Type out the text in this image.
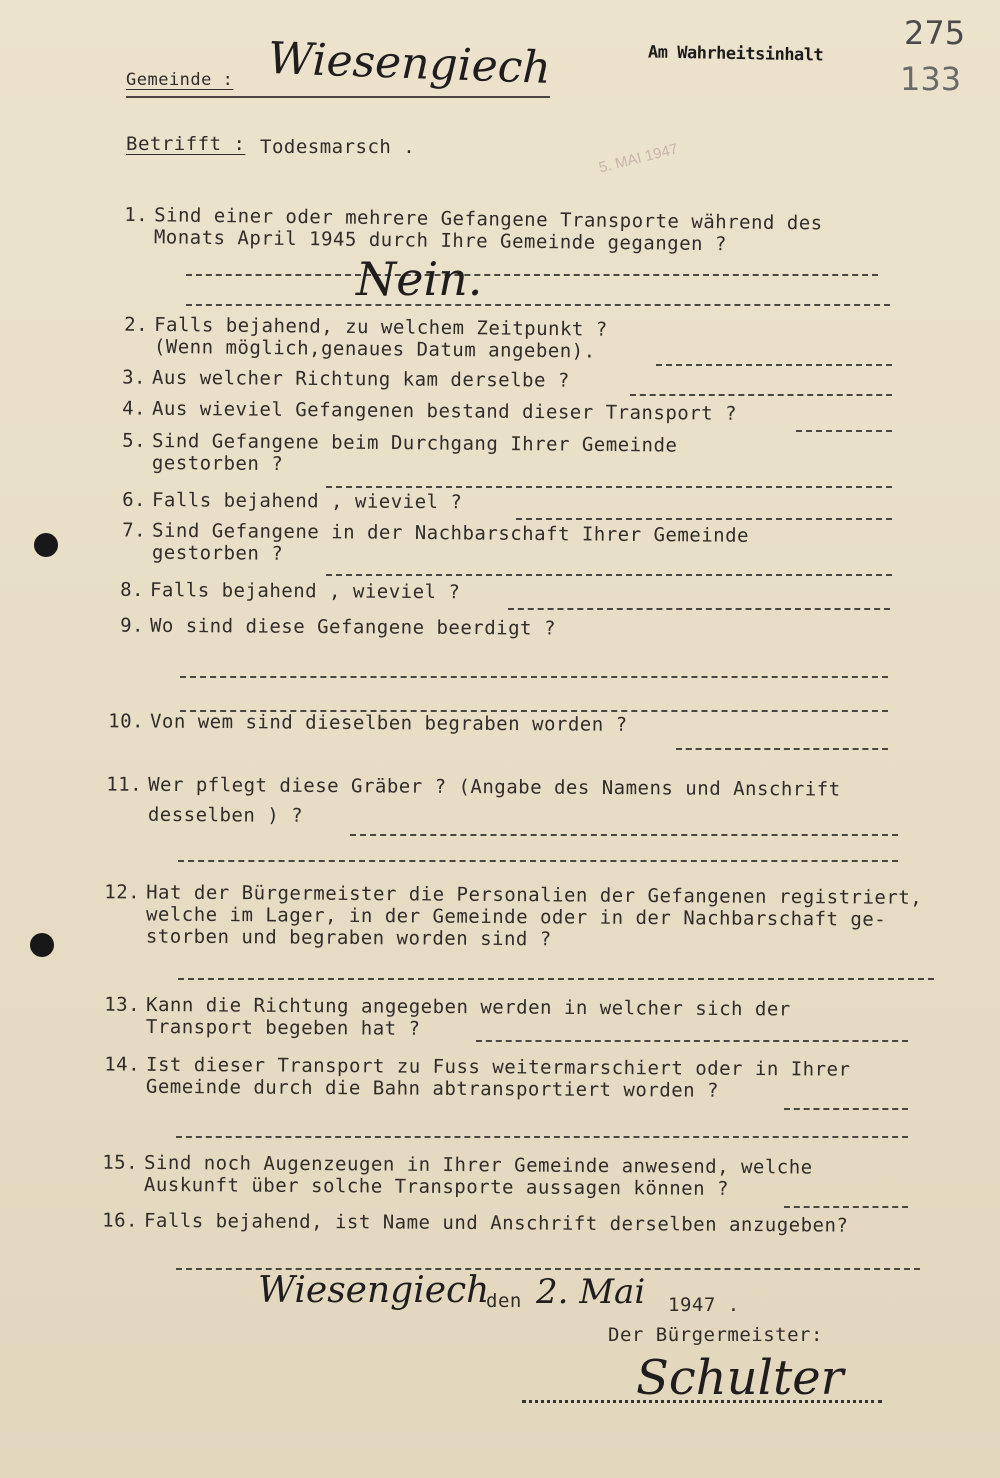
Gemeinde : Wiesengiech	Am Wahrheitsinhalt
275
133
Betrifft : Todesmarsch .	5. MAI 1947
1. Sind einer oder mehrere Gefangene Transporte während des
Monats April 1945 durch Ihre Gemeinde gegangen ?
Nein.
2. Falls bejahend, zu welchem Zeitpunkt ?
(Wenn möglich,genaues Datum angeben).
3. Aus welcher Richtung kam derselbe ?
4. Aus wieviel Gefangenen bestand dieser Transport ?
5. Sind Gefangene beim Durchgang Ihrer Gemeinde
gestorben ?
6. Falls bejahend , wieviel ?
7. Sind Gefangene in der Nachbarschaft Ihrer Gemeinde
gestorben ?
8. Falls bejahend , wieviel ?
9. Wo sind diese Gefangene beerdigt ?
10. Von wem sind dieselben begraben worden ?
11. Wer pflegt diese Gräber ? (Angabe des Namens und Anschrift
desselben ) ?
12. Hat der Bürgermeister die Personalien der Gefangenen registriert,
welche im Lager, in der Gemeinde oder in der Nachbarschaft ge-
storben und begraben worden sind ?
13. Kann die Richtung angegeben werden in welcher sich der
Transport begeben hat ?
14. Ist dieser Transport zu Fuss weitermarschiert oder in Ihrer
Gemeinde durch die Bahn abtransportiert worden ?
15. Sind noch Augenzeugen in Ihrer Gemeinde anwesend, welche
Auskunft über solche Transporte aussagen können ?
16. Falls bejahend, ist Name und Anschrift derselben anzugeben?
Wiesengiech
den 2. Mai 1947 .
Der Bürgermeister:
Schulter
